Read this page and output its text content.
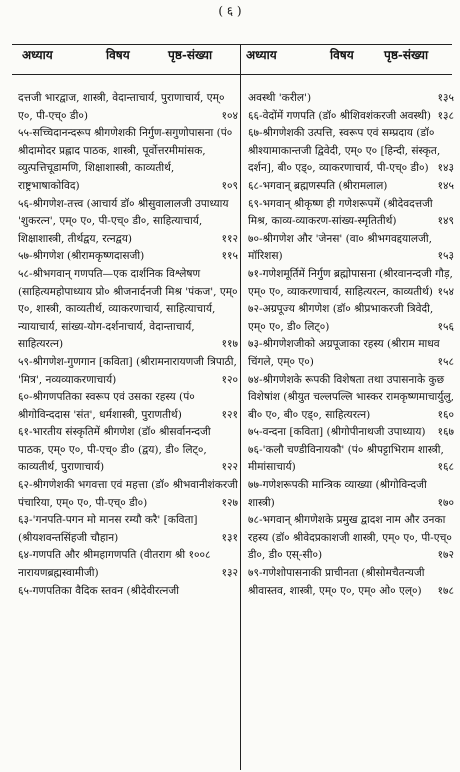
( ६ )
अध्याय	विषय	पृष्ठ-संख्या	अध्याय	विषय	पृष्ठ-संख्या
दत्तजी भारद्वाज, शास्त्री, वेदान्ताचार्य, पुराणाचार्य, एम्० ए०, पी-एच्० डी०)	१०४
५५-सच्चिदानन्दरूप श्रीगणेशकी निर्गुण-सगुणोपासना (पं० श्रीदामोदर प्रह्लाद पाठक, शास्त्री, पूर्वोत्तरमीमांसक, व्युत्पत्तिचूडामणि, शिक्षाशास्त्री, काव्यतीर्थ, राष्ट्रभाषाकोविद)	१०९
५६-श्रीगणेश-तत्त्व (आचार्य डॉ० श्रीसुवालालजी उपाध्याय 'शुकरत्न', एम्० ए०, पी-एच्० डी०, साहित्याचार्य, शिक्षाशास्त्री, तीर्थद्वय, रत्नद्वय)	११२
५७-श्रीगणेश (श्रीरामकृष्णदासजी)	११५
५८-श्रीभगवान् गणपति—एक दार्शनिक विश्लेषण (साहित्यमहोपाध्याय प्रो० श्रीजनार्दनजी मिश्र 'पंकज', एम्० ए०, शास्त्री, काव्यतीर्थ, व्याकरणाचार्य, साहित्याचार्य, न्यायाचार्य, सांख्य-योग-दर्शनाचार्य, वेदान्ताचार्य, साहित्यरत्न)	११७
५९-श्रीगणेश-गुणगान [कविता] (श्रीरामनारायणजी त्रिपाठी, 'मित्र', नव्यव्याकरणाचार्य)	१२०
६०-श्रीगणपतिका स्वरूप एवं उसका रहस्य (पं० श्रीगोविन्ददास 'संत', धर्मशास्त्री, पुराणतीर्थ)	१२१
६१-भारतीय संस्कृतिमें श्रीगणेश (डॉ० श्रीसर्वानन्दजी पाठक, एम्० ए०, पी-एच्० डी० (द्वय), डी० लिट्०, काव्यतीर्थ, पुराणाचार्य)	१२२
६२-श्रीगणेशकी भगवत्ता एवं महत्ता (डॉ० श्रीभवानीशंकरजी पंचारिया, एम्० ए०, पी-एच्० डी०)	१२७
६३-'गनपति-पगन मो मानस रम्यौ करै' [कविता] (श्रीयशवन्तसिंहजी चौहान)	१३१
६४-गणपति और श्रीमहागणपति (वीतराग श्री १००८ नारायणब्रह्मस्वामीजी)	१३२
६५-गणपतिका वैदिक स्तवन (श्रीदेवीरत्नजी
अवस्थी 'करील')	१३५
६६-वेदोंमें गणपति (डॉ० श्रीशिवशंकरजी अवस्थी) १३८
६७-श्रीगणेशकी उत्पत्ति, स्वरूप एवं सम्प्रदाय (डॉ० श्रीश्यामाकान्तजी द्विवेदी, एम्० ए० [हिन्दी, संस्कृत, दर्शन], बी० एड्०, व्याकरणाचार्य, पी-एच्० डी०) १४३
६८-भगवान् ब्रह्मणस्पति (श्रीरामलाल)	१४५
६९-भगवान् श्रीकृष्ण ही गणेशरूपमें (श्रीदेवदत्तजी मिश्र, काव्य-व्याकरण-सांख्य-स्मृतितीर्थ)	१४९
७०-श्रीगणेश और 'जेनस' (वा० श्रीभगवद्दयालजी, मॉरिशस)	१५३
७१-गणेशमूर्तिमें निर्गुण ब्रह्मोपासना (श्रीरवानन्दजी गौड़, एम्० ए०, व्याकरणाचार्य, साहित्यरत्न, काव्यतीर्थ) १५४
७२-अग्रपूज्य श्रीगणेश (डॉ० श्रीप्रभाकरजी त्रिवेदी, एम्० ए०, डी० लिट्०)	१५६
७३-श्रीगणेशजीको अग्रपूजाका रहस्य (श्रीराम माधव चिंगले, एम्० ए०)	१५८
७४-श्रीगणेशके रूपकी विशेषता तथा उपासनाके कुछ विशेषांश (श्रीयुत चल्लपल्लि भास्कर रामकृष्णमाचार्युलु, बी० ए०, बी० एड्०, साहित्यरत्न)	१६०
७५-वन्दना [कविता] (श्रीगोपीनाथजी उपाध्याय) १६७
७६-'कलौ चण्डीविनायकौ' (पं० श्रीपट्टाभिराम शास्त्री, मीमांसाचार्य)	१६८
७७-गणेशरूपकी मान्त्रिक व्याख्या (श्रीगोविन्दजी शास्त्री)	१७०
७८-भगवान् श्रीगणेशके प्रमुख द्वादश नाम और उनका रहस्य (डॉ० श्रीवेदप्रकाशजी शास्त्री, एम्० ए०, पी-एच्० डी०, डी० एस्-सी०)	१७२
७९-गणेशोपासनाकी प्राचीनता (श्रीसोमचैतन्यजी श्रीवास्तव, शास्त्री, एम्० ए०, एम्० ओ० एल्०) १७८
